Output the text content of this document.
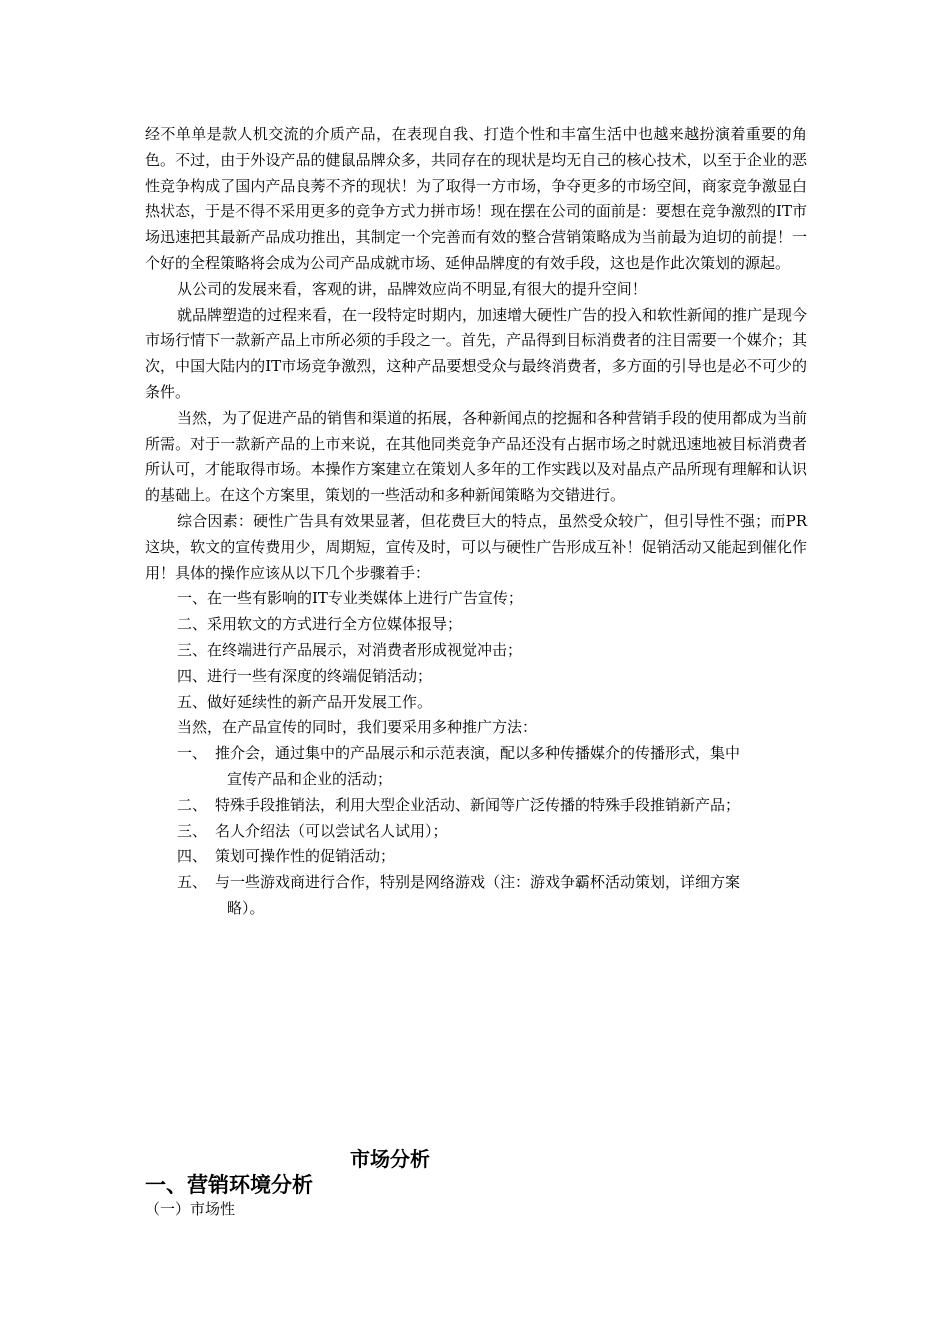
经不单单是款人机交流的介质产品，在表现自我、打造个性和丰富生活中也越来越扮演着重要的角色。不过，由于外设产品的健鼠品牌众多，共同存在的现状是均无自己的核心技术，以至于企业的恶性竞争构成了国内产品良莠不齐的现状！为了取得一方市场，争夺更多的市场空间，商家竞争激显白热状态，于是不得不采用更多的竞争方式力拼市场！现在摆在公司的面前是：要想在竞争激烈的IT市场迅速把其最新产品成功推出，其制定一个完善而有效的整合营销策略成为当前最为迫切的前提！一个好的全程策略将会成为公司产品成就市场、延伸品牌度的有效手段，这也是作此次策划的源起。

从公司的发展来看，客观的讲，品牌效应尚不明显,有很大的提升空间！

就品牌塑造的过程来看，在一段特定时期内，加速增大硬性广告的投入和软性新闻的推广是现今市场行情下一款新产品上市所必须的手段之一。首先，产品得到目标消费者的注目需要一个媒介；其次，中国大陆内的IT市场竞争激烈，这种产品要想受众与最终消费者，多方面的引导也是必不可少的条件。

当然，为了促进产品的销售和渠道的拓展，各种新闻点的挖掘和各种营销手段的使用都成为当前所需。对于一款新产品的上市来说，在其他同类竞争产品还没有占据市场之时就迅速地被目标消费者所认可，才能取得市场。本操作方案建立在策划人多年的工作实践以及对晶点产品所现有理解和认识的基础上。在这个方案里，策划的一些活动和多种新闻策略为交错进行。

综合因素：硬性广告具有效果显著，但花费巨大的特点，虽然受众较广，但引导性不强；而PR这块，软文的宣传费用少，周期短，宣传及时，可以与硬性广告形成互补！促销活动又能起到催化作用！具体的操作应该从以下几个步骤着手：

一、在一些有影响的IT专业类媒体上进行广告宣传；

二、采用软文的方式进行全方位媒体报导；

三、在终端进行产品展示，对消费者形成视觉冲击；

四、进行一些有深度的终端促销活动；

五、做好延续性的新产品开发展工作。

当然，在产品宣传的同时，我们要采用多种推广方法：

一、 推介会，通过集中的产品展示和示范表演，配以多种传播媒介的传播形式，集中
宣传产品和企业的活动；
二、 特殊手段推销法，利用大型企业活动、新闻等广泛传播的特殊手段推销新产品；
三、 名人介绍法（可以尝试名人试用）；
四、 策划可操作性的促销活动；
五、 与一些游戏商进行合作，特别是网络游戏（注：游戏争霸杯活动策划，详细方案
略）。
市场分析
一、营销环境分析
（一）市场性
